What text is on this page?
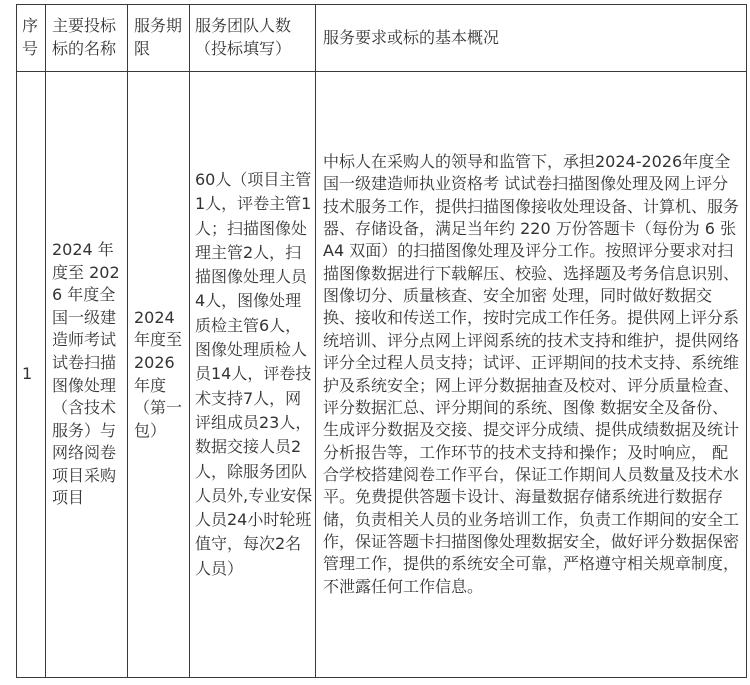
序号	主要投标标的名称	服务期限	服务团队人数（投标填写）	服务要求或标的基本概况

1	2024 年度至 2026 年度全国一级建造师考试试卷扫描图像处理（含技术服务）与网络阅卷项目采购项目	2024 年度至 2026 年度 （第一包）	60人（项目主管1人，评卷主管1人；扫描图像处理主管2人，扫描图像处理人员4人，图像处理质检主管6人，图像处理质检人员14人，评卷技术支持7人，网评组成员23人，数据交接人员2人，除服务团队人员外,专业安保人员24小时轮班值守，每次2名人员）	中标人在采购人的领导和监管下，承担2024-2026年度全国一级建造师执业资格考 试试卷扫描图像处理及网上评分技术服务工作，提供扫描图像接收处理设备、计算机、服务器、存储设备，满足当年约 220 万份答题卡（每份为 6 张 A4 双面）的扫描图像处理及评分工作。按照评分要求对扫描图像数据进行下载解压、校验、选择题及考务信息识别、图像切分、质量核查、安全加密 处理，同时做好数据交换、接收和传送工作，按时完成工作任务。提供网上评分系统培训、评分点网上评阅系统的技术支持和维护，提供网络评分全过程人员支持；试评、正评期间的技术支持、系统维护及系统安全；网上评分数据抽查及校对、评分质量检查、评分数据汇总、评分期间的系统、图像 数据安全及备份、生成评分数据及交接、提交评分成绩、提供成绩数据及统计分析报告等，工作环节的技术支持和操作；及时响应， 配合学校搭建阅卷工作平台，保证工作期间人员数量及技术水平。免费提供答题卡设计、海量数据存储系统进行数据存储，负责相关人员的业务培训工作，负责工作期间的安全工作，保证答题卡扫描图像处理数据安全，做好评分数据保密管理工作，提供的系统安全可靠，严格遵守相关规章制度，不泄露任何工作信息。
